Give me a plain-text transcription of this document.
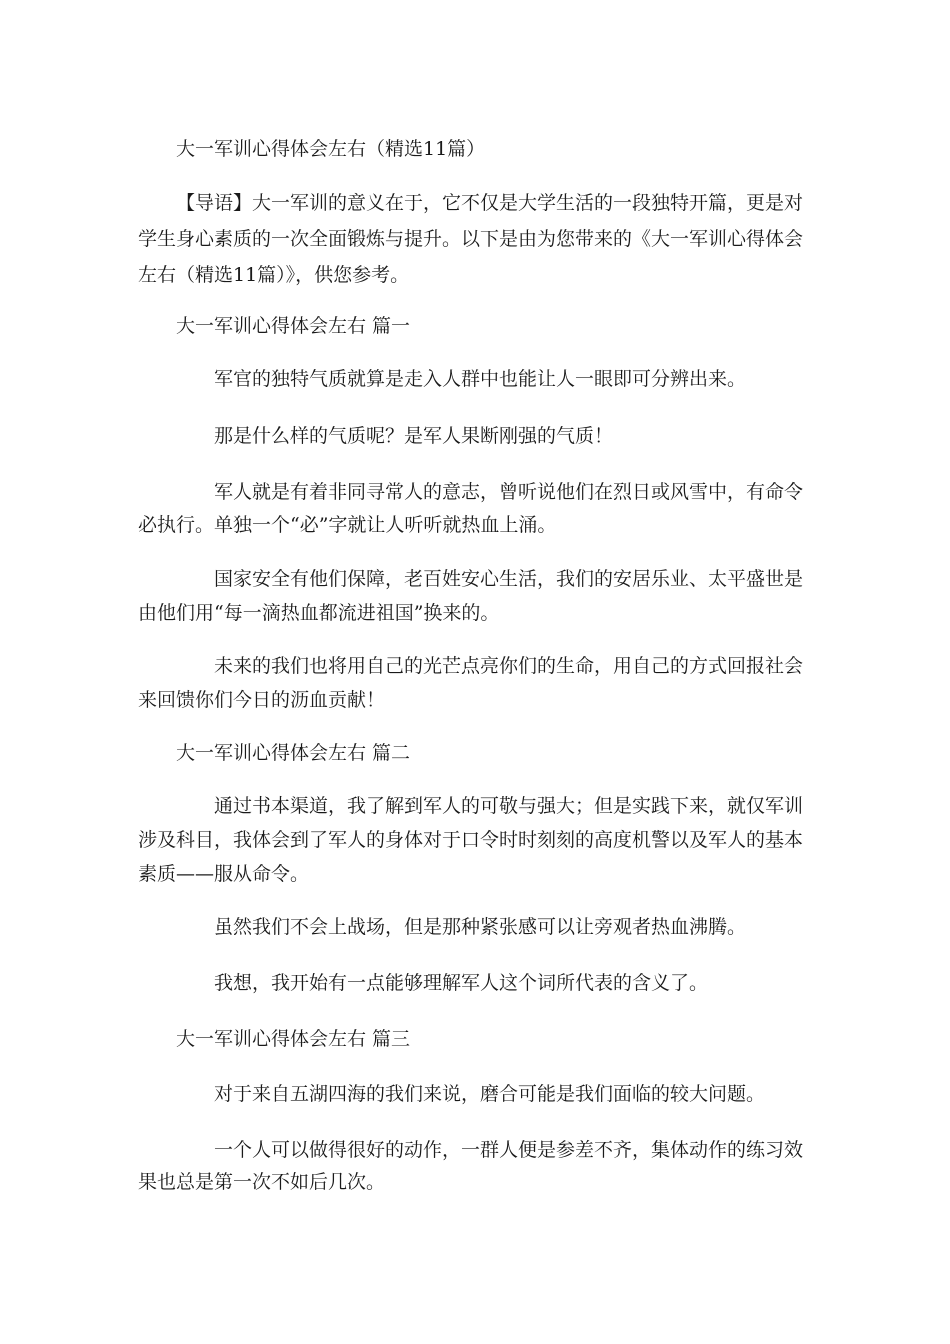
大一军训心得体会左右（精选11篇）
【导语】大一军训的意义在于，它不仅是大学生活的一段独特开篇，更是对
学生身心素质的一次全面锻炼与提升。以下是由为您带来的《大一军训心得体会
左右（精选11篇）》，供您参考。
大一军训心得体会左右 篇一
军官的独特气质就算是走入人群中也能让人一眼即可分辨出来。
那是什么样的气质呢？是军人果断刚强的气质！
军人就是有着非同寻常人的意志，曾听说他们在烈日或风雪中，有命令
必执行。单独一个“必”字就让人听听就热血上涌。
国家安全有他们保障，老百姓安心生活，我们的安居乐业、太平盛世是
由他们用“每一滴热血都流进祖国”换来的。
未来的我们也将用自己的光芒点亮你们的生命，用自己的方式回报社会
来回馈你们今日的沥血贡献！
大一军训心得体会左右 篇二
通过书本渠道，我了解到军人的可敬与强大；但是实践下来，就仅军训
涉及科目，我体会到了军人的身体对于口令时时刻刻的高度机警以及军人的基本
素质——服从命令。
虽然我们不会上战场，但是那种紧张感可以让旁观者热血沸腾。
我想，我开始有一点能够理解军人这个词所代表的含义了。
大一军训心得体会左右 篇三
对于来自五湖四海的我们来说，磨合可能是我们面临的较大问题。
一个人可以做得很好的动作，一群人便是参差不齐，集体动作的练习效
果也总是第一次不如后几次。
